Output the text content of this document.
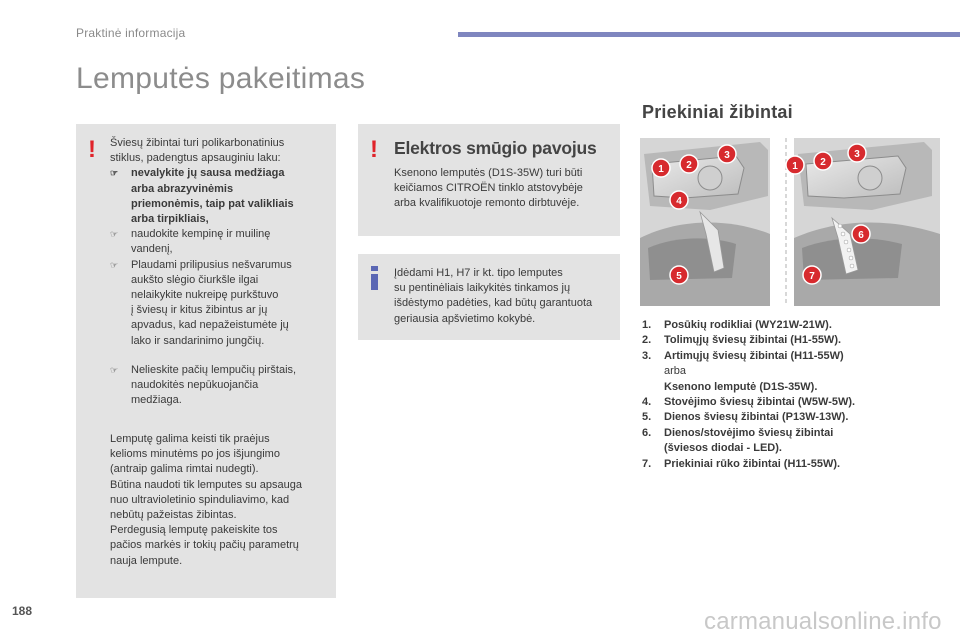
Praktinė informacija
Lemputės pakeitimas
! Šviesų žibintai turi polikarbonatinius

stiklus, padengtus apsauginiu laku:

☞ nevalykite jų sausa medžiaga

arba abrazyvinėmis

priemonėmis, taip pat valikliais

arba tirpikliais,

☞ naudokite kempinę ir muilinę

vandenį,

☞ Plaudami prilipusius nešvarumus

aukšto slėgio čiurkšle ilgai

nelaikykite nukreipę purkštuvo

į šviesų ir kitus žibintus ar jų

apvadus, kad nepažeistumėte jų

lako ir sandarinimo jungčių.

☞ Nelieskite pačių lempučių pirštais,

naudokitės nepūkuojančia

medžiaga.

Lemputę galima keisti tik praėjus

kelioms minutėms po jos išjungimo

(antraip galima rimtai nudegti).

Būtina naudoti tik lemputes su apsauga

nuo ultravioletinio spinduliavimo, kad

nebūtų pažeistas žibintas.

Perdegusią lemputę pakeiskite tos

pačios markės ir tokių pačių parametrų

nauja lempute.

! Elektros smūgio pavojus

Ksenono lemputės (D1S-35W) turi būti

keičiamos CITROËN tinklo atstovybėje

arba kvalifikuotoje remonto dirbtuvėje.

Įdėdami H1, H7 ir kt. tipo lemputes

su pentinėliais laikykitės tinkamos jų

išdėstymo padėties, kad būtų garantuota

geriausia apšvietimo kokybė.

Priekiniai žibintai
1 2
3
4
5
1 2
3
6
7
1. Posūkių rodikliai (WY21W-21W).
2. Tolimųjų šviesų žibintai (H1-55W).
3. Artimųjų šviesų žibintai (H11-55W)
arba
Ksenono lemputė (D1S-35W).
4. Stovėjimo šviesų žibintai (W5W-5W).
5. Dienos šviesų žibintai (P13W-13W).
6. Dienos/stovėjimo šviesų žibintai
(šviesos diodai - LED).
7. Priekiniai rūko žibintai (H11-55W).
188	carmanualsonline.info
